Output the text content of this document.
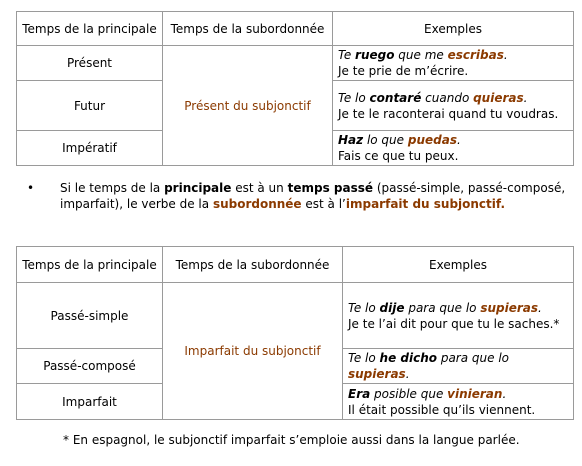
Temps de la principale	Temps de la subordonnée	Exemples
Présent	Présent du subjonctif	Te ruego que me escribas.
Je te prie de m’écrire.

Futur		Te lo contaré cuando quieras.
Je te le raconterai quand tu voudras.

Impératif		Haz lo que puedas.
Fais ce que tu peux.
• Si le temps de la principale est à un temps passé (passé-simple, passé-composé, imparfait), le verbe de la subordonnée est à l’imparfait du subjonctif.
Temps de la principale	Temps de la subordonnée	Exemples
Passé-simple	Imparfait du subjonctif	Te lo dije para que lo supieras.
Je te l’ai dit pour que tu le saches.*

Passé-composé		Te lo he dicho para que lo supieras.

Imparfait		Era posible que vinieran.
Il était possible qu’ils viennent.
* En espagnol, le subjonctif imparfait s’emploie aussi dans la langue parlée.
